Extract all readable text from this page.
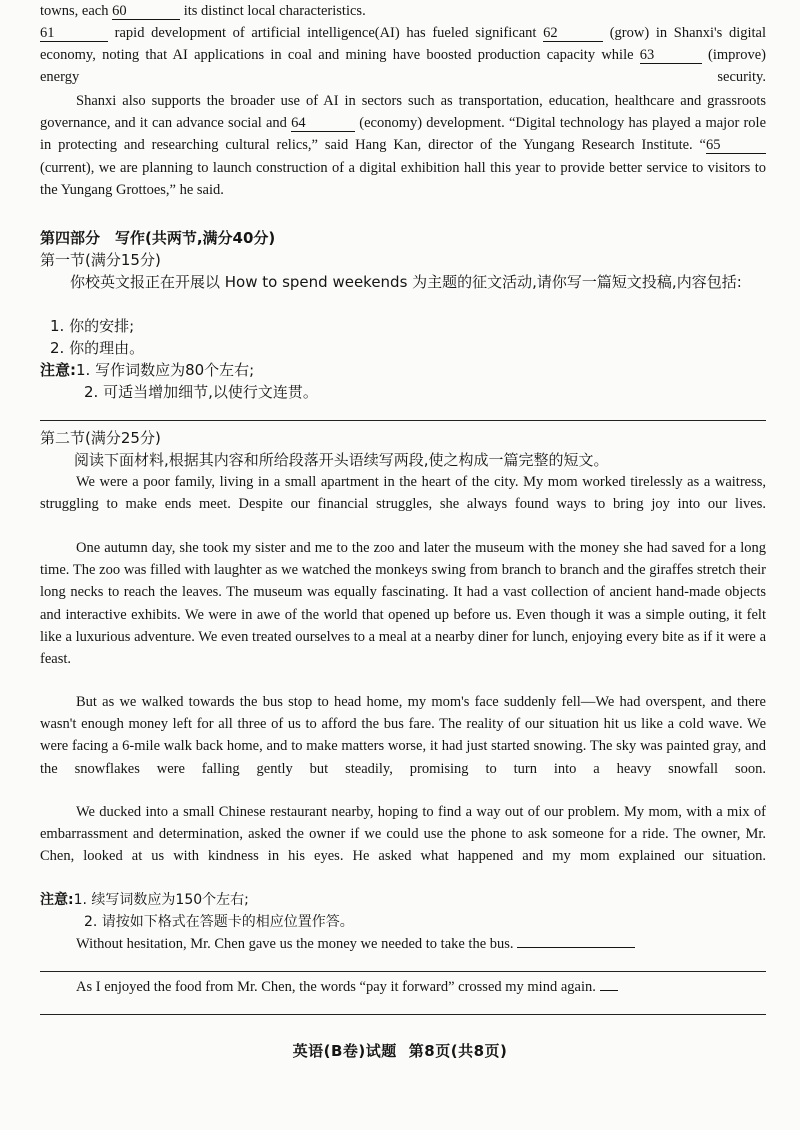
towns, each 60	its distinct local characteristics.

61	rapid development of artificial intelligence(AI) has fueled significant 62	(grow) in Shanxi's digital economy, noting that AI applications in coal and mining have boosted production capacity while 63	(improve) energy security.

Shanxi also supports the broader use of AI in sectors such as transportation, education, healthcare and grassroots governance, and it can advance social and 64	(economy) development. “Digital technology has played a major role in protecting and researching cultural relics,” said Hang Kan, director of the Yungang Research Institute. “65 (current), we are planning to launch construction of a digital exhibition hall this year to provide better service to visitors to the Yungang Grottoes,” he said.

第四部分　写作(共两节,满分40分)

第一节(满分15分)

你校英文报正在开展以 How to spend weekends 为主题的征文活动,请你写一篇短文投稿,内容包括:

1. 你的安排;

2. 你的理由。

注意:1. 写作词数应为80个左右;

2. 可适当增加细节,以使行文连贯。

第二节(满分25分)

阅读下面材料,根据其内容和所给段落开头语续写两段,使之构成一篇完整的短文。

We were a poor family, living in a small apartment in the heart of the city. My mom worked tirelessly as a waitress, struggling to make ends meet. Despite our financial struggles, she always found ways to bring joy into our lives.

One autumn day, she took my sister and me to the zoo and later the museum with the money she had saved for a long time. The zoo was filled with laughter as we watched the monkeys swing from branch to branch and the giraffes stretch their long necks to reach the leaves. The museum was equally fascinating. It had a vast collection of ancient hand-made objects and interactive exhibits. We were in awe of the world that opened up before us. Even though it was a simple outing, it felt like a luxurious adventure. We even treated ourselves to a meal at a nearby diner for lunch, enjoying every bite as if it were a feast.

But as we walked towards the bus stop to head home, my mom's face suddenly fell—We had overspent, and there wasn't enough money left for all three of us to afford the bus fare. The reality of our situation hit us like a cold wave. We were facing a 6-mile walk back home, and to make matters worse, it had just started snowing. The sky was painted gray, and the snowflakes were falling gently but steadily, promising to turn into a heavy snowfall soon.

We ducked into a small Chinese restaurant nearby, hoping to find a way out of our problem. My mom, with a mix of embarrassment and determination, asked the owner if we could use the phone to ask someone for a ride. The owner, Mr. Chen, looked at us with kindness in his eyes. He asked what happened and my mom explained our situation.

注意:1. 续写词数应为150个左右;

2. 请按如下格式在答题卡的相应位置作答。

Without hesitation, Mr. Chen gave us the money we needed to take the bus.

As I enjoyed the food from Mr. Chen, the words “pay it forward” crossed my mind again.

英语(B卷)试题 第8页(共8页)
